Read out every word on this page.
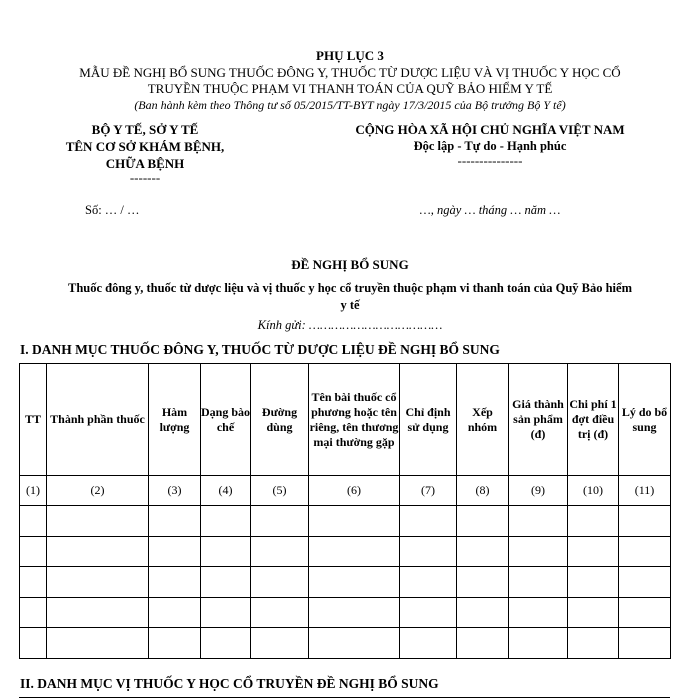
PHỤ LỤC 3
MẪU ĐỀ NGHỊ BỔ SUNG THUỐC ĐÔNG Y, THUỐC TỪ DƯỢC LIỆU VÀ VỊ THUỐC Y HỌC CỔ
TRUYỀN THUỘC PHẠM VI THANH TOÁN CỦA QUỸ BẢO HIỂM Y TẾ
(Ban hành kèm theo Thông tư số 05/2015/TT-BYT ngày 17/3/2015 của Bộ trưởng Bộ Y tế)
BỘ Y TẾ, SỞ Y TẾ
TÊN CƠ SỞ KHÁM BỆNH,
CHỮA BỆNH
-------
CỘNG HÒA XÃ HỘI CHỦ NGHĨA VIỆT NAM
Độc lập - Tự do - Hạnh phúc
---------------
Số: … / …	…, ngày … tháng … năm …
ĐỀ NGHỊ BỔ SUNG
Thuốc đông y, thuốc từ dược liệu và vị thuốc y học cổ truyền thuộc phạm vi thanh toán của Quỹ Bảo hiểm
y tế
Kính gửi: ………………………………
I. DANH MỤC THUỐC ĐÔNG Y, THUỐC TỪ DƯỢC LIỆU ĐỀ NGHỊ BỔ SUNG
TT	Thành phần thuốc	Hàm lượng	Dạng bào chế	Đường dùng	Tên bài thuốc cổ phương hoặc tên riêng, tên thương mại thường gặp	Chỉ định sử dụng	Xếp nhóm	Giá thành sản phẩm (đ)	Chi phí 1 đợt điều trị (đ)	Lý do bổ sung
(1)	(2)	(3)	(4)	(5)	(6)	(7)	(8)	(9)	(10)	(11)

II. DANH MỤC VỊ THUỐC Y HỌC CỔ TRUYỀN ĐỀ NGHỊ BỔ SUNG
